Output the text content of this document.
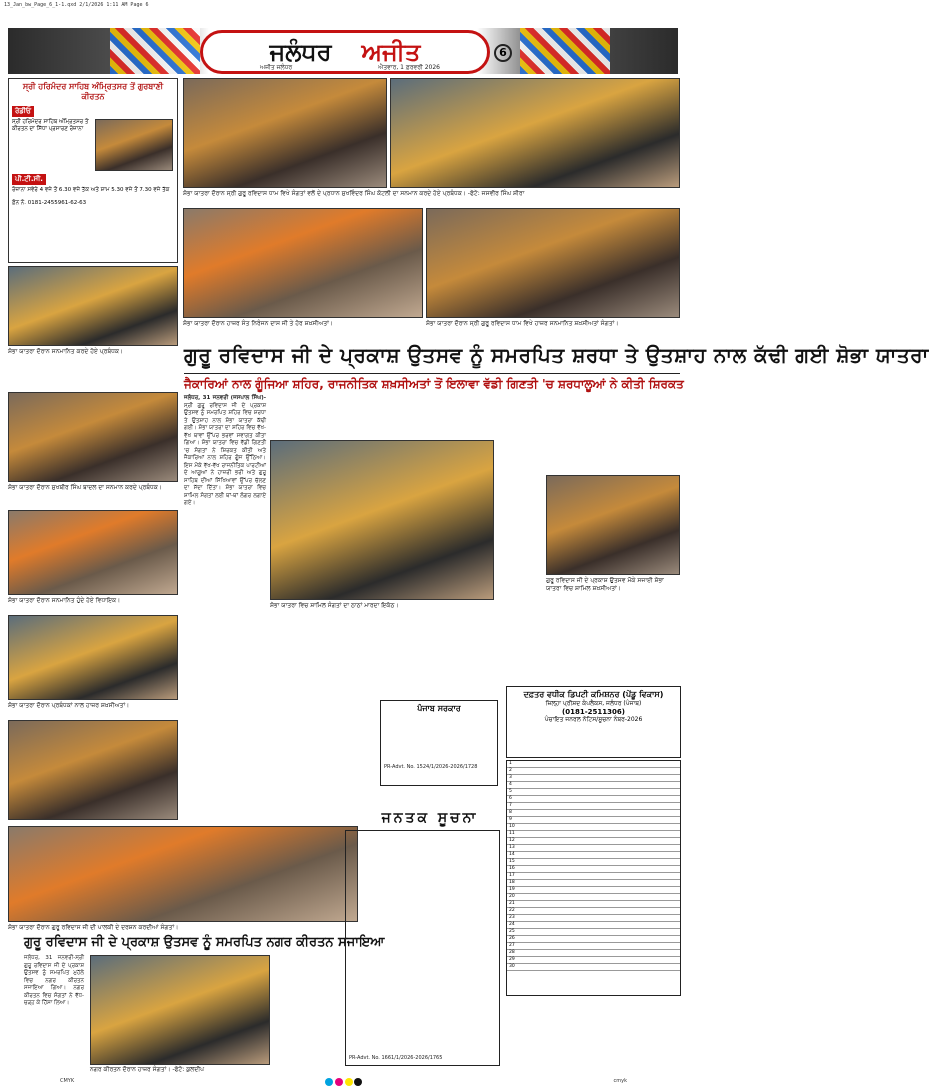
13_Jan_bw_Page_6_1-1.qxd 2/1/2026 1:11 AM Page 6
ਜਲੰਧਰ ਅਜੀਤ
ਅਜੀਤ ਜਲੰਧਰ	ਐਤਵਾਰ, 1 ਫ਼ਰਵਰੀ 2026
6
ਸ੍ਰੀ ਹਰਿਮੰਦਰ ਸਾਹਿਬ ਅੰਮ੍ਰਿਤਸਰ ਤੋਂ ਗੁਰਬਾਣੀ ਕੀਰਤਨ
ਰੇਡੀਓ
ਸ੍ਰੀ ਹਰਿਮੰਦਰ ਸਾਹਿਬ ਅੰਮ੍ਰਿਤਸਰ ਤੋਂ ਕੀਰਤਨ ਦਾ ਸਿੱਧਾ ਪ੍ਰਸਾਰਣ ਰੋਜ਼ਾਨਾ
ਪੀ.ਟੀ.ਸੀ.
ਰੋਜ਼ਾਨਾ ਸਵੇਰੇ 4 ਵਜੇ ਤੋਂ 6.30 ਵਜੇ ਤੱਕ ਅਤੇ ਸ਼ਾਮ 5.30 ਵਜੇ ਤੋਂ 7.30 ਵਜੇ ਤੱਕ
ਫ਼ੋਨ ਨੰ. 0181-2455961-62-63
ਸ਼ੋਭਾ ਯਾਤਰਾ ਦੌਰਾਨ ਸ੍ਰੀ ਗੁਰੂ ਰਵਿਦਾਸ ਧਾਮ ਵਿਖੇ ਸੰਗਤਾਂ ਵਲੋਂ ਦੇ ਪ੍ਰਧਾਨ ਸੁਖਵਿੰਦਰ ਸਿੰਘ ਕੋਟਲੀ ਦਾ ਸਨਮਾਨ ਕਰਦੇ ਹੋਏ ਪ੍ਰਬੰਧਕ। -ਫੋਟੋ: ਜਸਵੀਰ ਸਿੰਘ ਸ਼ੀਰਾ
ਸ਼ੋਭਾ ਯਾਤਰਾ ਦੌਰਾਨ ਹਾਜ਼ਰ ਸੰਤ ਨਿਰੰਜਨ ਦਾਸ ਜੀ ਤੇ ਹੋਰ ਸ਼ਖ਼ਸੀਅਤਾਂ।	ਸ਼ੋਭਾ ਯਾਤਰਾ ਦੌਰਾਨ ਸ੍ਰੀ ਗੁਰੂ ਰਵਿਦਾਸ ਧਾਮ ਵਿਖੇ ਹਾਜ਼ਰ ਸਨਮਾਨਿਤ ਸ਼ਖ਼ਸੀਅਤਾਂ ਸੰਗਤਾਂ।
ਸ਼ੋਭਾ ਯਾਤਰਾ ਦੌਰਾਨ ਸਨਮਾਨਿਤ ਕਰਦੇ ਹੋਏ ਪ੍ਰਬੰਧਕ।
ਸ਼ੋਭਾ ਯਾਤਰਾ ਦੌਰਾਨ ਸੁਖਬੀਰ ਸਿੰਘ ਬਾਦਲ ਦਾ ਸਨਮਾਨ ਕਰਦੇ ਪ੍ਰਬੰਧਕ।
ਸ਼ੋਭਾ ਯਾਤਰਾ ਦੌਰਾਨ ਸਨਮਾਨਿਤ ਹੁੰਦੇ ਹੋਏ ਵਿਧਾਇਕ।
ਸ਼ੋਭਾ ਯਾਤਰਾ ਦੌਰਾਨ ਪ੍ਰਬੰਧਕਾਂ ਨਾਲ ਹਾਜ਼ਰ ਸ਼ਖ਼ਸੀਅਤਾਂ।
ਸ਼ੋਭਾ ਯਾਤਰਾ ਦੌਰਾਨ ਗੁਰੂ ਰਵਿਦਾਸ ਜੀ ਦੀ ਪਾਲਕੀ ਦੇ ਦਰਸ਼ਨ ਕਰਦੀਆਂ ਸੰਗਤਾਂ।
ਗੁਰੂ ਰਵਿਦਾਸ ਜੀ ਦੇ ਪ੍ਰਕਾਸ਼ ਉਤਸਵ ਨੂੰ ਸਮਰਪਿਤ ਸ਼ਰਧਾ ਤੇ ਉਤਸ਼ਾਹ ਨਾਲ ਕੱਢੀ ਗਈ ਸ਼ੋਭਾ ਯਾਤਰਾ
ਜੈਕਾਰਿਆਂ ਨਾਲ ਗੂੰਜਿਆ ਸ਼ਹਿਰ, ਰਾਜਨੀਤਿਕ ਸ਼ਖ਼ਸੀਅਤਾਂ ਤੋਂ ਇਲਾਵਾ ਵੱਡੀ ਗਿਣਤੀ 'ਚ ਸ਼ਰਧਾਲੂਆਂ ਨੇ ਕੀਤੀ ਸ਼ਿਰਕਤ
ਜਲੰਧਰ, 31 ਜਨਵਰੀ (ਜਸਪਾਲ ਸਿੰਘ)- ਸ੍ਰੀ ਗੁਰੂ ਰਵਿਦਾਸ ਜੀ ਦੇ ਪ੍ਰਕਾਸ਼ ਉਤਸਵ ਨੂੰ ਸਮਰਪਿਤ ਸ਼ਹਿਰ ਵਿਚ ਸ਼ਰਧਾ ਤੇ ਉਤਸ਼ਾਹ ਨਾਲ ਸ਼ੋਭਾ ਯਾਤਰਾ ਕੱਢੀ ਗਈ। ਸ਼ੋਭਾ ਯਾਤਰਾ ਦਾ ਸ਼ਹਿਰ ਵਿਚ ਵੱਖ-ਵੱਖ ਥਾਵਾਂ ਉੱਪਰ ਭਰਵਾਂ ਸਵਾਗਤ ਕੀਤਾ ਗਿਆ। ਸ਼ੋਭਾ ਯਾਤਰਾ ਵਿਚ ਵੱਡੀ ਗਿਣਤੀ 'ਚ ਸੰਗਤਾਂ ਨੇ ਸ਼ਿਰਕਤ ਕੀਤੀ ਅਤੇ ਜੈਕਾਰਿਆਂ ਨਾਲ ਸ਼ਹਿਰ ਗੂੰਜ ਉੱਠਿਆ। ਇਸ ਮੌਕੇ ਵੱਖ-ਵੱਖ ਰਾਜਨੀਤਿਕ ਪਾਰਟੀਆਂ ਦੇ ਆਗੂਆਂ ਨੇ ਹਾਜ਼ਰੀ ਭਰੀ ਅਤੇ ਗੁਰੂ ਸਾਹਿਬ ਦੀਆਂ ਸਿੱਖਿਆਵਾਂ ਉੱਪਰ ਚੱਲਣ ਦਾ ਸੱਦਾ ਦਿੱਤਾ। ਸ਼ੋਭਾ ਯਾਤਰਾ ਵਿਚ ਸ਼ਾਮਿਲ ਸੰਗਤਾਂ ਲਈ ਥਾਂ-ਥਾਂ ਲੰਗਰ ਲਗਾਏ ਗਏ।
ਸ਼ੋਭਾ ਯਾਤਰਾ ਵਿਚ ਸ਼ਾਮਿਲ ਸੰਗਤਾਂ ਦਾ ਠਾਠਾਂ ਮਾਰਦਾ ਇਕੱਠ।
ਗੁਰੂ ਰਵਿਦਾਸ ਜੀ ਦੇ ਪ੍ਰਕਾਸ਼ ਉਤਸਵ ਮੌਕੇ ਸਜਾਈ ਸ਼ੋਭਾ ਯਾਤਰਾ ਵਿਚ ਸ਼ਾਮਿਲ ਸ਼ਖ਼ਸੀਅਤਾਂ।
ਗੁਰੂ ਰਵਿਦਾਸ ਜੀ ਦੇ ਪ੍ਰਕਾਸ਼ ਉਤਸਵ ਨੂੰ ਸਮਰਪਿਤ ਨਗਰ ਕੀਰਤਨ ਸਜਾਇਆ
ਜਲੰਧਰ, 31 ਜਨਵਰੀ-ਸ੍ਰੀ ਗੁਰੂ ਰਵਿਦਾਸ ਜੀ ਦੇ ਪ੍ਰਕਾਸ਼ ਉਤਸਵ ਨੂੰ ਸਮਰਪਿਤ ਮੁਹੱਲੇ ਵਿਚ ਨਗਰ ਕੀਰਤਨ ਸਜਾਇਆ ਗਿਆ। ਨਗਰ ਕੀਰਤਨ ਵਿਚ ਸੰਗਤਾਂ ਨੇ ਵੱਧ-ਚੜ੍ਹ ਕੇ ਹਿੱਸਾ ਲਿਆ।
ਨਗਰ ਕੀਰਤਨ ਦੌਰਾਨ ਹਾਜ਼ਰ ਸੰਗਤਾਂ। -ਫੋਟੋ: ਕੁਲਦੀਪ
ਪੰਜਾਬ ਸਰਕਾਰ
PR-Advt. No. 1524/1/2026-2026/1728
ਦਫ਼ਤਰ ਵਧੀਕ ਡਿਪਟੀ ਕਮਿਸ਼ਨਰ (ਪੇਂਡੂ ਵਿਕਾਸ)
ਜ਼ਿਲ੍ਹਾ ਪ੍ਰੀਸ਼ਦ ਕੰਪਲੈਕਸ, ਜਲੰਧਰ (ਪੰਜਾਬ)
(0181-2511306)
ਪੰਚਾਇਤ ਜਨਰਲ ਨੋਟਿਸ/ਸੂਚਨਾ ਨੰਬਰ-2026
ਜਨਤਕ ਸੂਚਨਾ
PR-Advt. No. 1661/1/2026-2026/1765
1
2
3
4
5
6
7
8
9
10
11
12
13
14
15
16
17
18
19
20
21
22
23
24
25
26
27
28
29
30
CMYK
	cmyk
